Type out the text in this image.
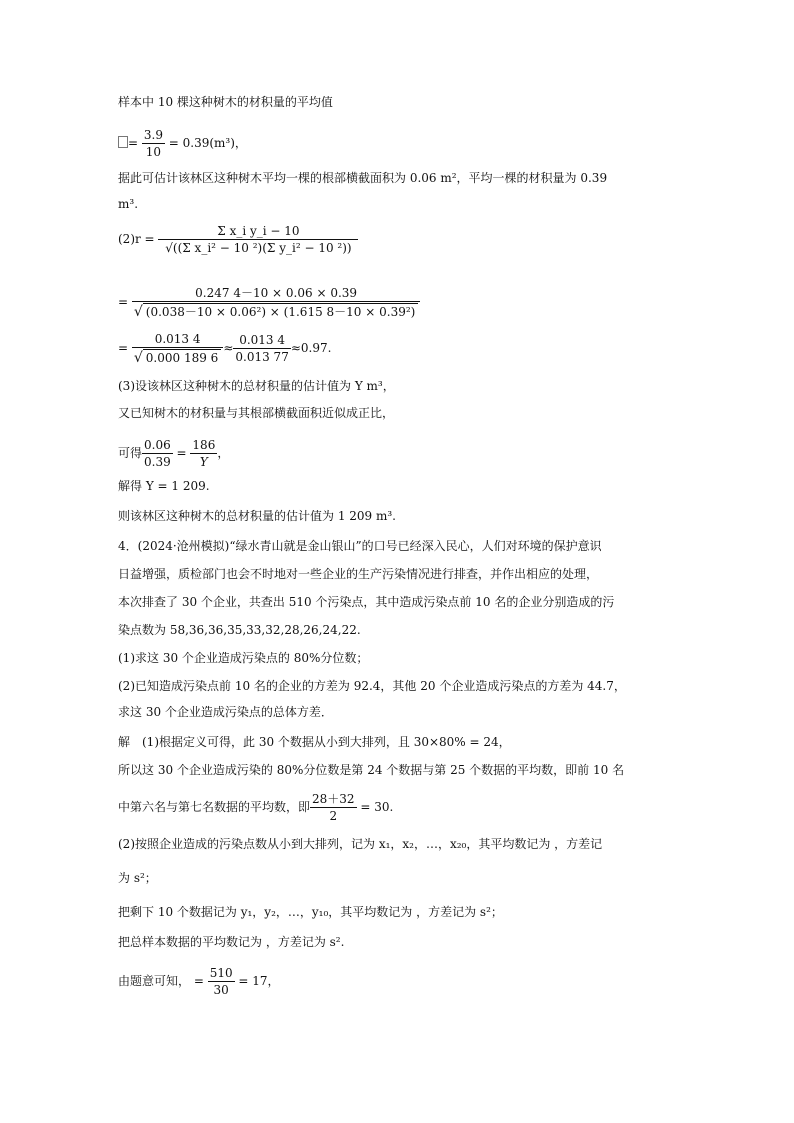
样本中 10 棵这种树木的材积量的平均值
= $\frac{3.9}{10} = 0.39(m^3)$，
据此可估计该林区这种树木平均一棵的根部横截面积为 0.06 m²，平均一棵的材积量为 0.39
m³.
$(2)r = \frac{\text{Σ x\_i y\_i − 10}}{\text{√((Σ x\_i² − 10 ²)(Σ y\_i² − 10 ²))}}$
= $\frac{0.247 4-10 \times 0.06 \times 0.39}{\text{√ (0.038－10 × 0.06²) × (1.615 8－10 × 0.39²)}}$
= $\frac{0.013 4}{√ 0.000 189 6} \approx \frac{0.013 4}{0.013 77} \approx 0.97$.
(3)设该林区这种树木的总材积量的估计值为 Y m³，
又已知树木的材积量与其根部横截面积近似成正比，
可得 $\frac{0.06}{0.39} = \frac{186}{Y}$ ，
解得 Y = 1 209.
则该林区这种树木的总材积量的估计值为 1 209 m³.
4．(2024·沧州模拟)“绿水青山就是金山银山”的口号已经深入民心，人们对环境的保护意识
日益增强，质检部门也会不时地对一些企业的生产污染情况进行排查，并作出相应的处理，
本次排查了 30 个企业，共查出 510 个污染点，其中造成污染点前 10 名的企业分别造成的污
染点数为 58,36,36,35,33,32,28,26,24,22.
(1)求这 30 个企业造成污染点的 80%分位数；
(2)已知造成污染点前 10 名的企业的方差为 92.4，其他 20 个企业造成污染点的方差为 44.7，
求这 30 个企业造成污染点的总体方差．
解　(1)根据定义可得，此 30 个数据从小到大排列，且 30×80% = 24，
所以这 30 个企业造成污染的 80%分位数是第 24 个数据与第 25 个数据的平均数，即前 10 名
中第六名与第七名数据的平均数，即 $\frac{28+32}{2} = 30$.
(2)按照企业造成的污染点数从小到大排列，记为 x₁，x₂，…，x₂₀，其平均数记为 ，方差记
为 s²；
把剩下 10 个数据记为 y₁，y₂，…，y₁₀，其平均数记为 ，方差记为 s²；
把总样本数据的平均数记为 ，方差记为 s².
由题意可知， = $\frac{510}{30} = 17$，
